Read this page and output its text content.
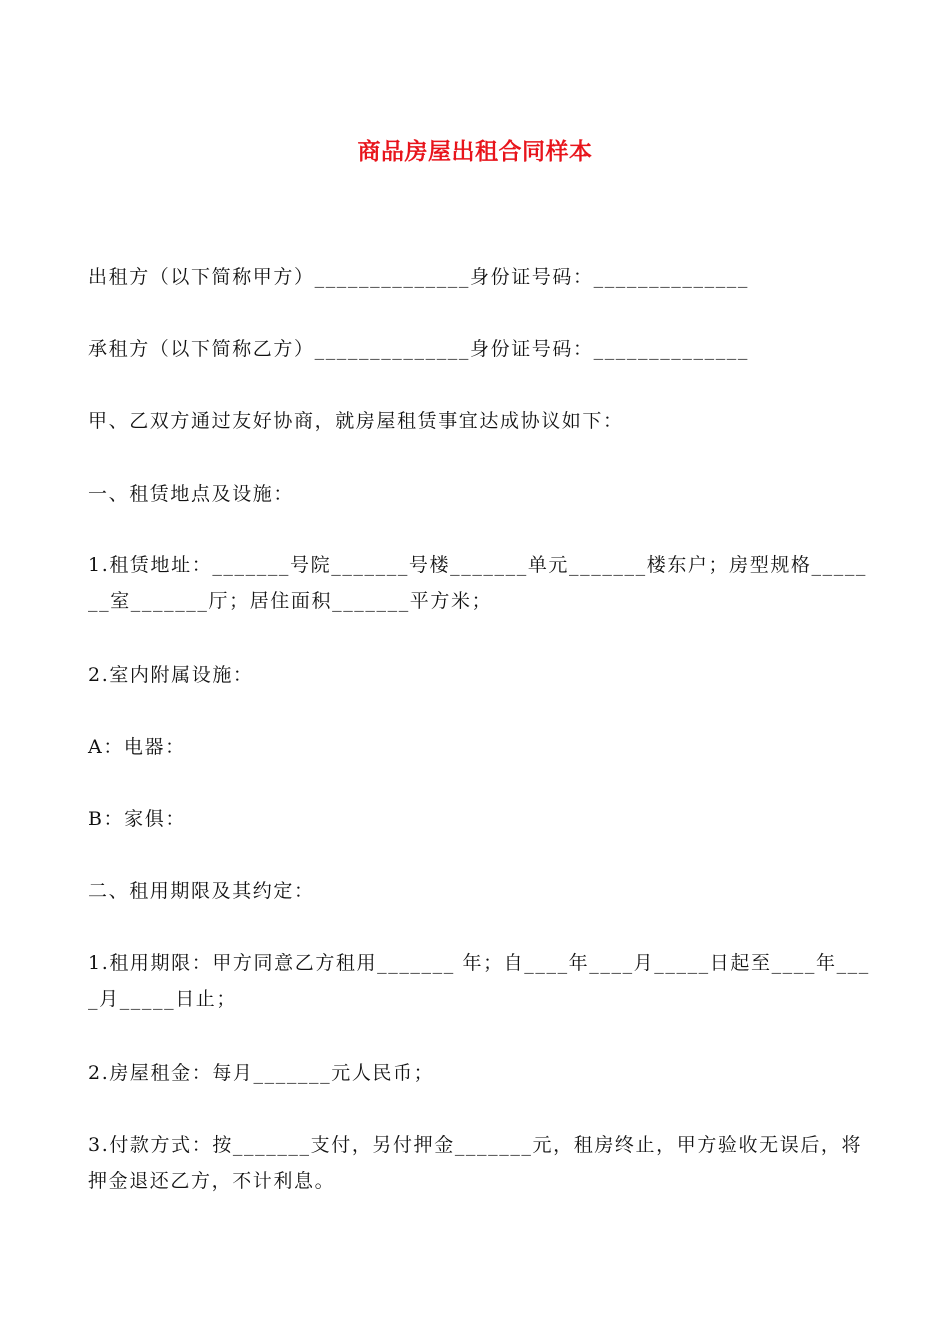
商品房屋出租合同样本

出租方（以下简称甲方）______________身份证号码：______________

承租方（以下简称乙方）______________身份证号码：______________

甲、乙双方通过友好协商，就房屋租赁事宜达成协议如下：

一、租赁地点及设施：

1.租赁地址：_______号院_______号楼_______单元_______楼东户；房型规格_______室_______厅；居住面积_______平方米；

2.室内附属设施：

A：电器：

B：家俱：

二、租用期限及其约定：

1.租用期限：甲方同意乙方租用_______ 年；自____年____月_____日起至____年____月_____日止；

2.房屋租金：每月_______元人民币；

3.付款方式：按_______支付，另付押金_______元，租房终止，甲方验收无误后，将押金退还乙方，不计利息。
